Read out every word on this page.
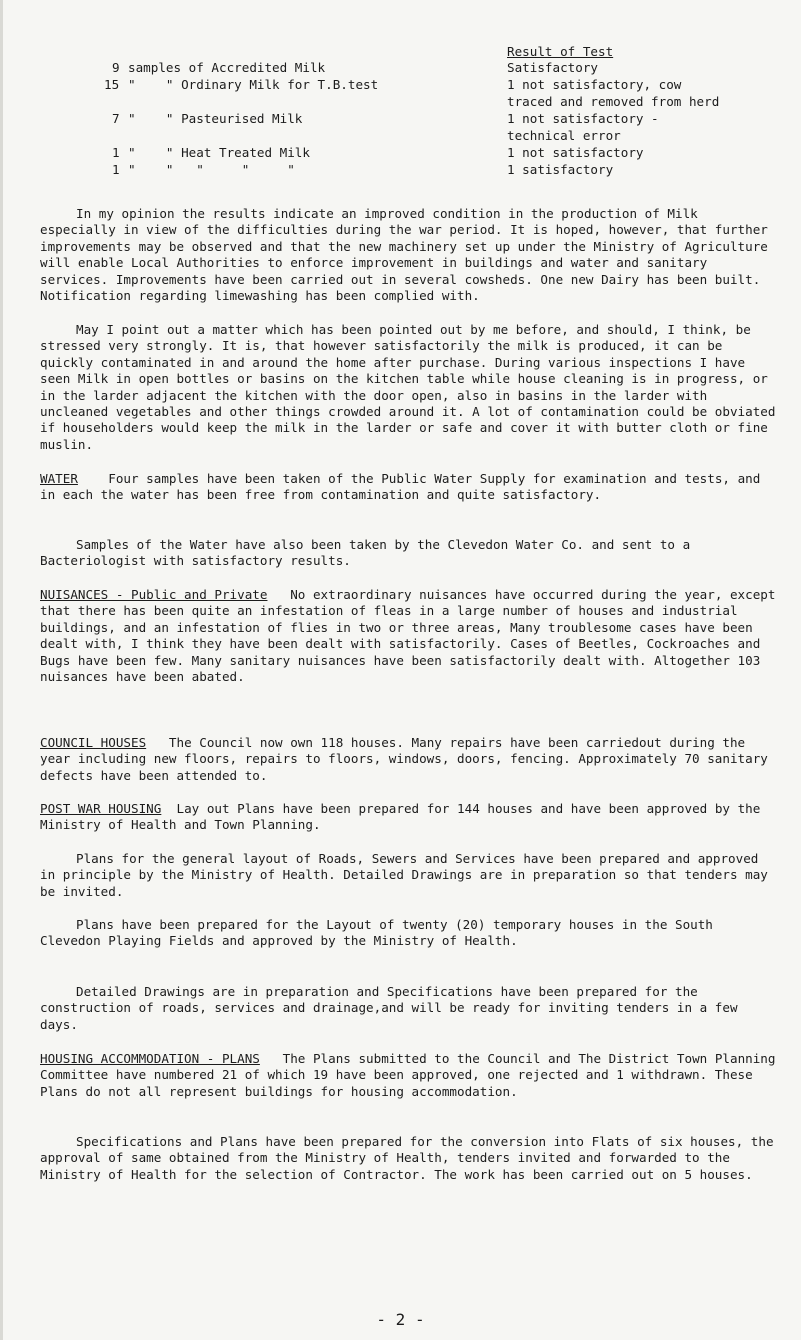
Result of Test
9 samples of Accredited Milk	Satisfactory
15 "    " Ordinary Milk for T.B.test	1 not satisfactory, cow
traced and removed from herd
7 "    " Pasteurised Milk	1 not satisfactory -
technical error
1 "    " Heat Treated Milk	1 not satisfactory
1 "    "   "     "     "	1 satisfactory
In my opinion the results indicate an improved condition in the production of Milk especially in view of the difficulties during the war period. It is hoped, however, that further improvements may be observed and that the new machinery set up under the Ministry of Agriculture will enable Local Authorities to enforce improvement in buildings and water and sanitary services. Improvements have been carried out in several cowsheds. One new Dairy has been built. Notification regarding limewashing has been complied with.
May I point out a matter which has been pointed out by me before, and should, I think, be stressed very strongly. It is, that however satisfactorily the milk is produced, it can be quickly contaminated in and around the home after purchase. During various inspections I have seen Milk in open bottles or basins on the kitchen table while house cleaning is in progress, or in the larder adjacent the kitchen with the door open, also in basins in the larder with uncleaned vegetables and other things crowded around it. A lot of contamination could be obviated if householders would keep the milk in the larder or safe and cover it with butter cloth or fine muslin.
WATER Four samples have been taken of the Public Water Supply for examination and tests, and in each the water has been free from contamination and quite satisfactory.
Samples of the Water have also been taken by the Clevedon Water Co. and sent to a Bacteriologist with satisfactory results.
NUISANCES - Public and Private No extraordinary nuisances have occurred during the year, except that there has been quite an infestation of fleas in a large number of houses and industrial buildings, and an infestation of flies in two or three areas, Many troublesome cases have been dealt with, I think they have been dealt with satisfactorily. Cases of Beetles, Cockroaches and Bugs have been few. Many sanitary nuisances have been satisfactorily dealt with. Altogether 103 nuisances have been abated.
COUNCIL HOUSES The Council now own 118 houses. Many repairs have been carriedout during the year including new floors, repairs to floors, windows, doors, fencing. Approximately 70 sanitary defects have been attended to.
POST WAR HOUSING Lay out Plans have been prepared for 144 houses and have been approved by the Ministry of Health and Town Planning.
Plans for the general layout of Roads, Sewers and Services have been prepared and approved in principle by the Ministry of Health. Detailed Drawings are in preparation so that tenders may be invited.
Plans have been prepared for the Layout of twenty (20) temporary houses in the South Clevedon Playing Fields and approved by the Ministry of Health.
Detailed Drawings are in preparation and Specifications have been prepared for the construction of roads, services and drainage,and will be ready for inviting tenders in a few days.
HOUSING ACCOMMODATION - PLANS The Plans submitted to the Council and The District Town Planning Committee have numbered 21 of which 19 have been approved, one rejected and 1 withdrawn. These Plans do not all represent buildings for housing accommodation.
Specifications and Plans have been prepared for the conversion into Flats of six houses, the approval of same obtained from the Ministry of Health, tenders invited and forwarded to the Ministry of Health for the selection of Contractor. The work has been carried out on 5 houses.
- 2 -
